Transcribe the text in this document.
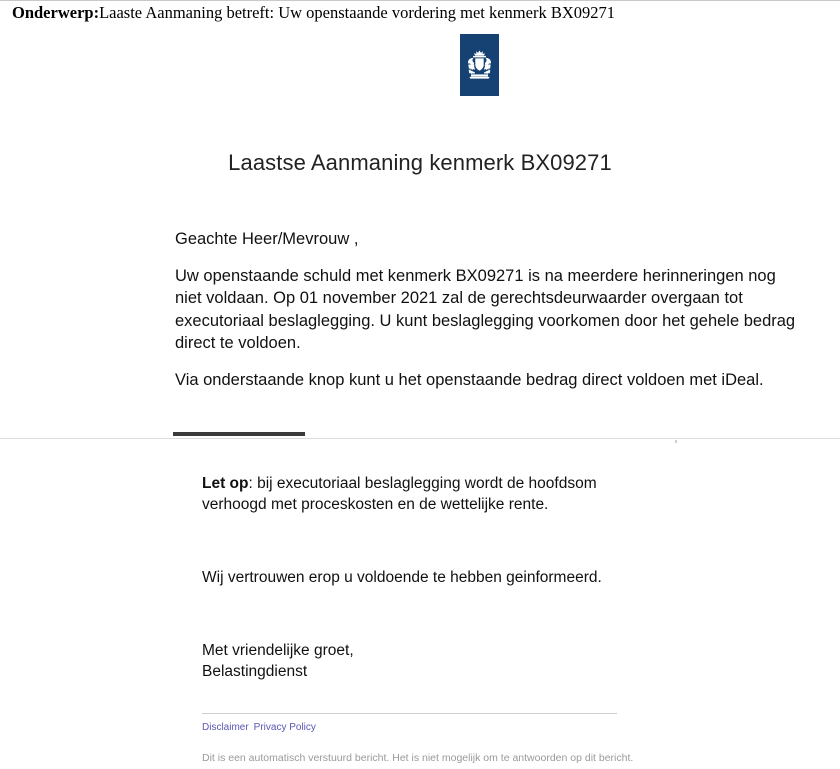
Onderwerp:Laaste Aanmaning betreft: Uw openstaande vordering met kenmerk BX09271
Laastse Aanmaning kenmerk BX09271

Geachte Heer/Mevrouw ,

Uw openstaande schuld met kenmerk BX09271 is na meerdere herinneringen nog niet voldaan. Op 01 november 2021 zal de gerechtsdeurwaarder overgaan tot executoriaal beslaglegging. U kunt beslaglegging voorkomen door het gehele bedrag direct te voldoen.

Via onderstaande knop kunt u het openstaande bedrag direct voldoen met iDeal.

Let op: bij executoriaal beslaglegging wordt de hoofdsom verhoogd met proceskosten en de wettelijke rente.

Wij vertrouwen erop u voldoende te hebben geinformeerd.

Met vriendelijke groet,

Belastingdienst

Disclaimer Privacy Policy
Dit is een automatisch verstuurd bericht. Het is niet mogelijk om te antwoorden op dit bericht.
